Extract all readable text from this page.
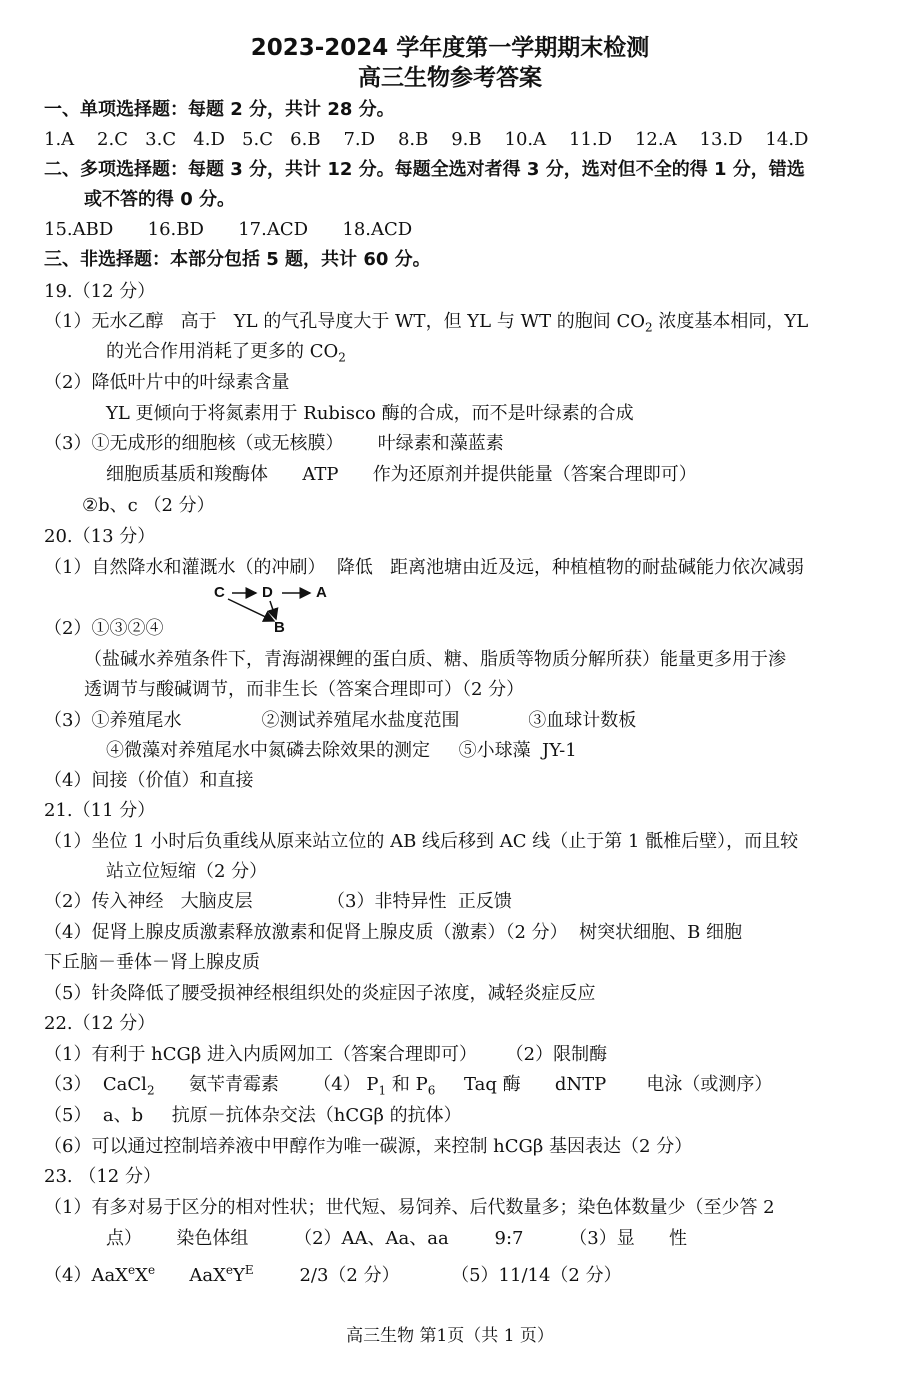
2023-2024 学年度第一学期期末检测
高三生物参考答案
一、单项选择题：每题 2 分，共计 28 分。
1.A    2.C   3.C   4.D   5.C   6.B    7.D    8.B    9.B    10.A    11.D    12.A    13.D    14.D
二、多项选择题：每题 3 分，共计 12 分。每题全选对者得 3 分，选对但不全的得 1 分，错选
或不答的得 0 分。
15.ABD      16.BD      17.ACD      18.ACD
三、非选择题：本部分包括 5 题，共计 60 分。
19.（12 分）
（1）无水乙醇   高于   YL 的气孔导度大于 WT，但 YL 与 WT 的胞间 $CO_2$ 浓度基本相同，YL
的光合作用消耗了更多的 $CO_2$
（2）降低叶片中的叶绿素含量
YL 更倾向于将氮素用于 Rubisco 酶的合成，而不是叶绿素的合成
（3）①无成形的细胞核（或无核膜）      叶绿素和藻蓝素
细胞质基质和羧酶体      ATP      作为还原剂并提供能量（答案合理即可）
②b、c （2 分）
20.（13 分）
（1）自然降水和灌溉水（的冲刷）  降低   距离池塘由近及远，种植植物的耐盐碱能力依次减弱
C D	A
B
（2）①③②④
（盐碱水养殖条件下，青海湖裸鲤的蛋白质、糖、脂质等物质分解所获）能量更多用于渗
透调节与酸碱调节，而非生长（答案合理即可）（2 分）
（3）①养殖尾水              ②测试养殖尾水盐度范围            ③血球计数板
④微藻对养殖尾水中氮磷去除效果的测定     ⑤小球藻  JY-1
（4）间接（价值）和直接
21.（11 分）
（1）坐位 1 小时后负重线从原来站立位的 AB 线后移到 AC 线（止于第 1 骶椎后壁），而且较
站立位短缩（2 分）
（2）传入神经   大脑皮层             （3）非特异性  正反馈
（4）促肾上腺皮质激素释放激素和促肾上腺皮质（激素）（2 分）  树突状细胞、B 细胞
下丘脑－垂体－肾上腺皮质
（5）针灸降低了腰受损神经根组织处的炎症因子浓度，减轻炎症反应
22.（12 分）
（1）有利于 hCGβ 进入内质网加工（答案合理即可）     （2）限制酶
（3）  CaCl$_2$      氨苄青霉素      （4） $P_1$ 和 $P_6$     Taq 酶      dNTP       电泳（或测序）
（5）  a、b     抗原－抗体杂交法（hCGβ 的抗体）
（6）可以通过控制培养液中甲醇作为唯一碳源，来控制 hCGβ 基因表达（2 分）
23. （12 分）
（1）有多对易于区分的相对性状；世代短、易饲养、后代数量多；染色体数量少（至少答 2
点）      染色体组        （2）AA、Aa、aa        9:7        （3）显      性
（4）AaX$^e$Xe      $AaX^eY^E$        2/3（2 分）         （5）11/14（2 分）
高三生物 第1页（共 1 页）
